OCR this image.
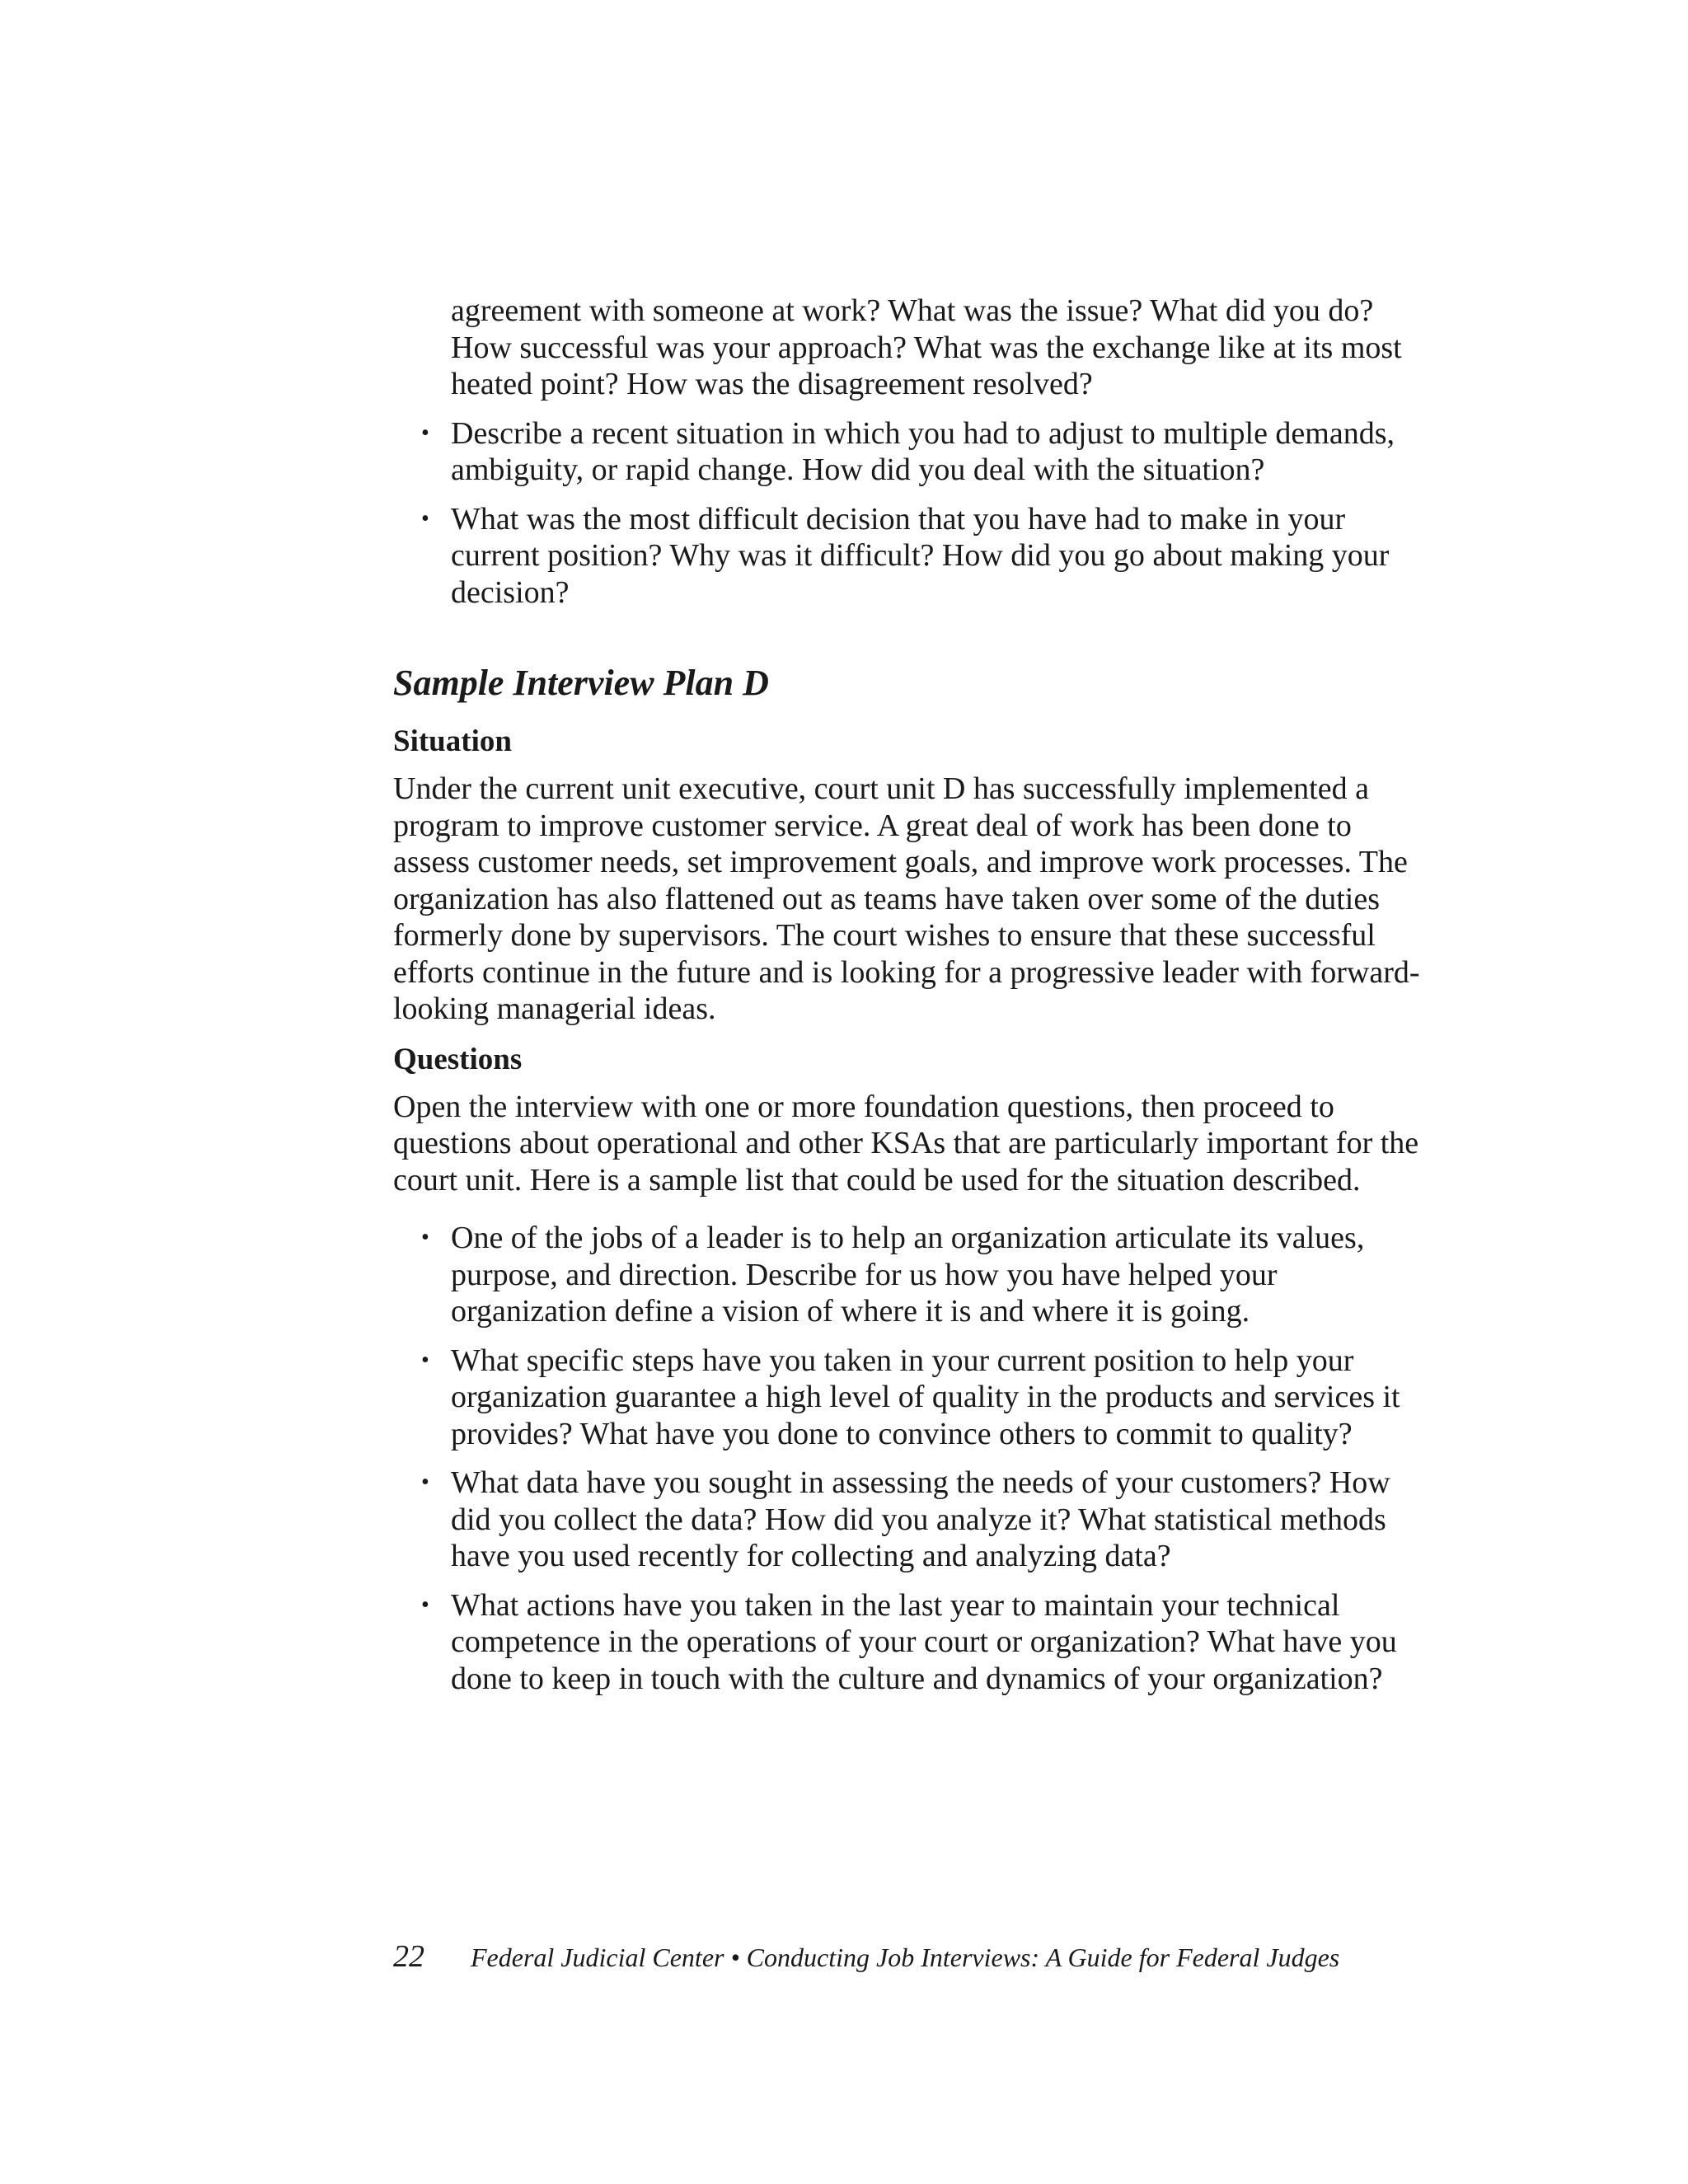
agreement with someone at work? What was the issue? What did you do? How successful was your approach? What was the exchange like at its most heated point? How was the disagreement resolved?

• Describe a recent situation in which you had to adjust to multiple demands, ambiguity, or rapid change. How did you deal with the situation?
• What was the most difficult decision that you have had to make in your current position? Why was it difficult? How did you go about making your decision?
Sample Interview Plan D
Situation

Under the current unit executive, court unit D has successfully implemented a program to improve customer service. A great deal of work has been done to assess customer needs, set improvement goals, and improve work processes. The organization has also flattened out as teams have taken over some of the duties formerly done by supervisors. The court wishes to ensure that these successful efforts continue in the future and is looking for a progressive leader with forward-looking managerial ideas.

Questions

Open the interview with one or more foundation questions, then proceed to questions about operational and other KSAs that are particularly important for the court unit. Here is a sample list that could be used for the situation described.

• One of the jobs of a leader is to help an organization articulate its values, purpose, and direction. Describe for us how you have helped your organization define a vision of where it is and where it is going.
• What specific steps have you taken in your current position to help your organization guarantee a high level of quality in the products and services it provides? What have you done to convince others to commit to quality?
• What data have you sought in assessing the needs of your customers? How did you collect the data? How did you analyze it? What statistical methods have you used recently for collecting and analyzing data?
• What actions have you taken in the last year to maintain your technical competence in the operations of your court or organization? What have you done to keep in touch with the culture and dynamics of your organization?
22 Federal Judicial Center • Conducting Job Interviews: A Guide for Federal Judges
